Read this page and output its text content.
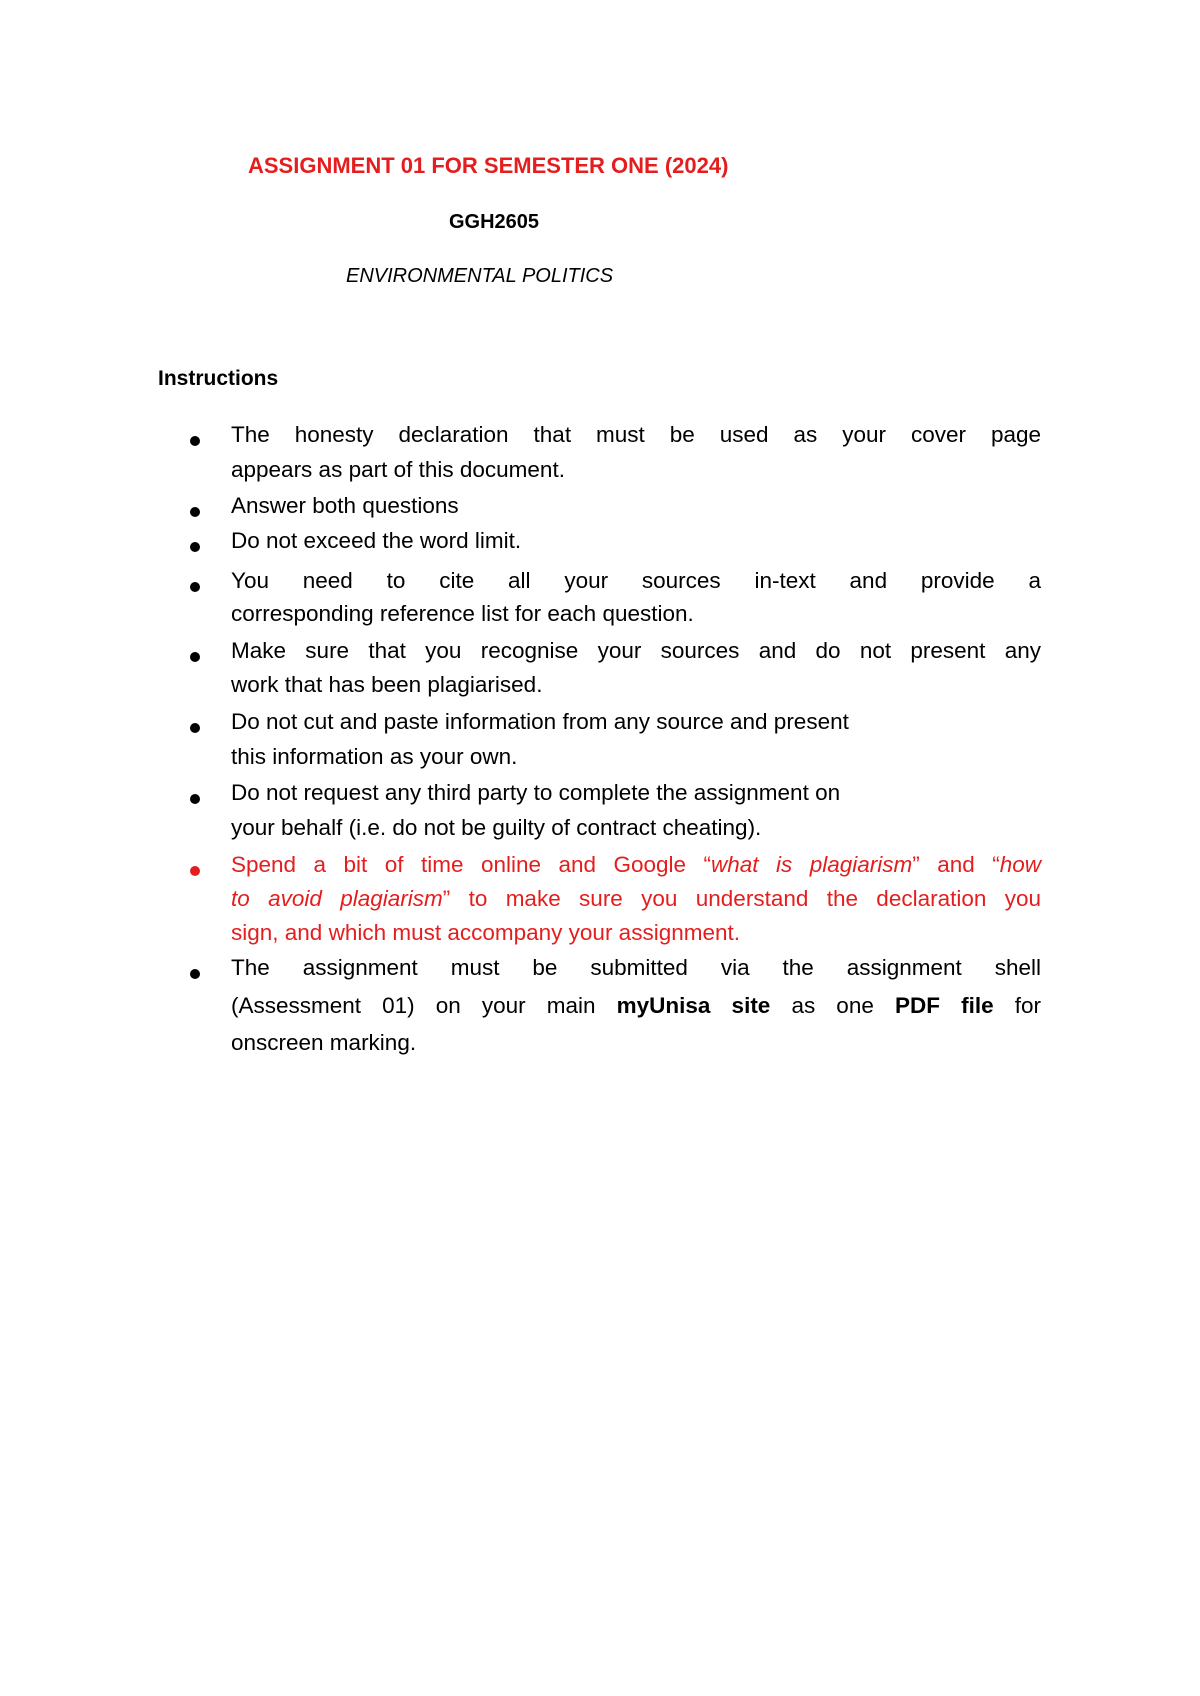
ASSIGNMENT 01 FOR SEMESTER ONE (2024)
GGH2605
ENVIRONMENTAL POLITICS
Instructions
The honesty declaration that must be used as your cover page
appears as part of this document.
Answer both questions
Do not exceed the word limit.
You need to cite all your sources in-text and provide a
corresponding reference list for each question.
Make sure that you recognise your sources and do not present any
work that has been plagiarised.
Do not cut and paste information from any source and present
this information as your own.
Do not request any third party to complete the assignment on
your behalf (i.e. do not be guilty of contract cheating).
Spend a bit of time online and Google “what is plagiarism” and “how
to avoid plagiarism” to make sure you understand the declaration you
sign, and which must accompany your assignment.
The assignment must be submitted via the assignment shell
(Assessment 01) on your main myUnisa site as one PDF file for
onscreen marking.
